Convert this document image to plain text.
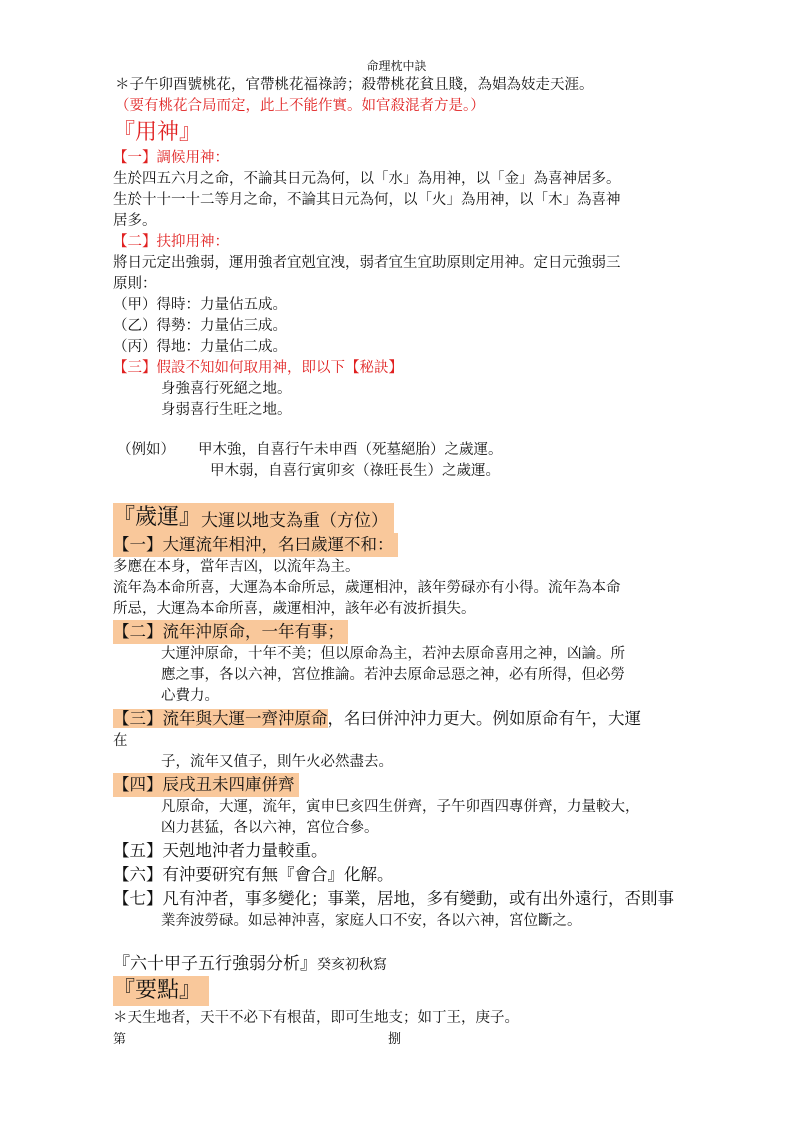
命理枕中訣
＊子午卯酉號桃花，官帶桃花福祿誇；殺帶桃花貧且賤，為娼為妓走天涯。
（要有桃花合局而定，此上不能作實。如官殺混者方是。）
『用神』
【一】調候用神：
生於四五六月之命，不論其日元為何，以「水」為用神，以「金」為喜神居多。
生於十十一十二等月之命，不論其日元為何，以「火」為用神，以「木」為喜神
居多。
【二】扶抑用神：
將日元定出強弱，運用強者宜剋宜洩，弱者宜生宜助原則定用神。定日元強弱三
原則：
（甲）得時：力量佔五成。
（乙）得勢：力量佔三成。
（丙）得地：力量佔二成。
【三】假設不知如何取用神，即以下【秘訣】
身強喜行死絕之地。
身弱喜行生旺之地。
（例如） 甲木強，自喜行午未申酉（死墓絕胎）之歲運。
甲木弱，自喜行寅卯亥（祿旺長生）之歲運。
『歲運』大運以地支為重（方位）
【一】大運流年相沖，名曰歲運不和：
多應在本身，當年吉凶，以流年為主。
流年為本命所喜，大運為本命所忌，歲運相沖，該年勞碌亦有小得。流年為本命
所忌，大運為本命所喜，歲運相沖，該年必有波折損失。
【二】流年沖原命，一年有事；
大運沖原命，十年不美；但以原命為主，若沖去原命喜用之神，凶論。所
應之事，各以六神，宮位推論。若沖去原命忌惡之神，必有所得，但必勞
心費力。
【三】流年與大運一齊沖原命，名曰併沖沖力更大。例如原命有午，大運
在
子，流年又值子，則午火必然盡去。
【四】辰戌丑未四庫併齊
凡原命，大運，流年，寅申巳亥四生併齊，子午卯酉四專併齊，力量較大，
凶力甚猛，各以六神，宮位合參。
【五】天剋地沖者力量較重。
【六】有沖要研究有無『會合』化解。
【七】凡有沖者，事多變化；事業，居地，多有變動，或有出外遠行，否則事
業奔波勞碌。如忌神沖喜，家庭人口不安，各以六神，宮位斷之。
『六十甲子五行強弱分析』癸亥初秋寫
『要點』
＊天生地者，天干不必下有根苗，即可生地支；如丁王，庚子。
第	捌
